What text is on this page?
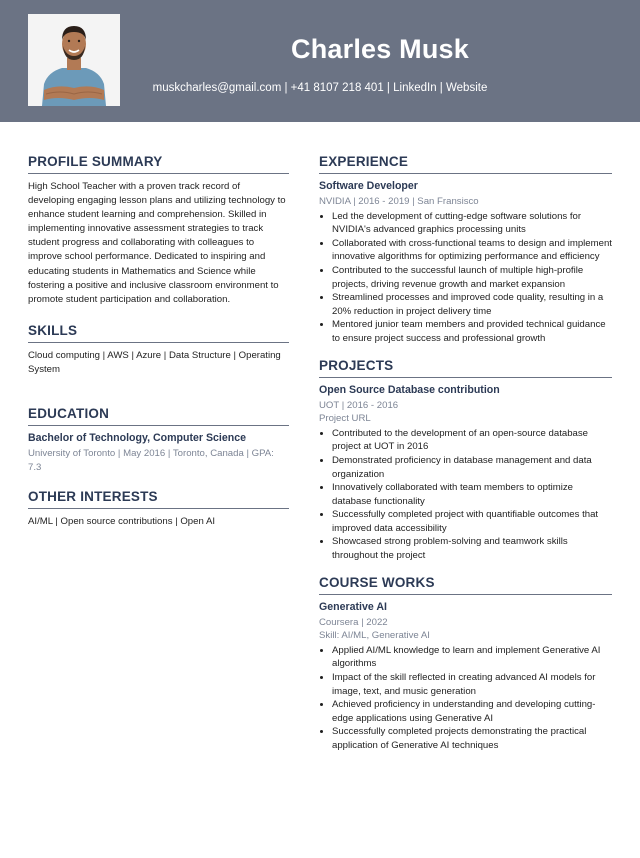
Charles Musk
muskcharles@gmail.com | +41 8107 218 401 | LinkedIn | Website
PROFILE SUMMARY

High School Teacher with a proven track record of developing engaging lesson plans and utilizing technology to enhance student learning and comprehension. Skilled in implementing innovative assessment strategies to track student progress and collaborating with colleagues to improve school performance. Dedicated to inspiring and educating students in Mathematics and Science while fostering a positive and inclusive classroom environment to promote student participation and collaboration.

SKILLS

Cloud computing | AWS | Azure | Data Structure | Operating System

EDUCATION
Bachelor of Technology, Computer Science

University of Toronto | May 2016 | Toronto, Canada | GPA: 7.3

OTHER INTERESTS

AI/ML | Open source contributions | Open AI

EXPERIENCE
Software Developer

NVIDIA | 2016 - 2019 | San Fransisco

• Led the development of cutting-edge software solutions for NVIDIA's advanced graphics processing units
• Collaborated with cross-functional teams to design and implement innovative algorithms for optimizing performance and efficiency
• Contributed to the successful launch of multiple high-profile projects, driving revenue growth and market expansion
• Streamlined processes and improved code quality, resulting in a 20% reduction in project delivery time
• Mentored junior team members and provided technical guidance to ensure project success and professional growth
PROJECTS
Open Source Database contribution

UOT | 2016 - 2016

Project URL

• Contributed to the development of an open-source database project at UOT in 2016
• Demonstrated proficiency in database management and data organization
• Innovatively collaborated with team members to optimize database functionality
• Successfully completed project with quantifiable outcomes that improved data accessibility
• Showcased strong problem-solving and teamwork skills throughout the project
COURSE WORKS
Generative AI

Coursera | 2022

Skill: AI/ML, Generative AI

• Applied AI/ML knowledge to learn and implement Generative AI algorithms
• Impact of the skill reflected in creating advanced AI models for image, text, and music generation
• Achieved proficiency in understanding and developing cutting-edge applications using Generative AI
• Successfully completed projects demonstrating the practical application of Generative AI techniques
